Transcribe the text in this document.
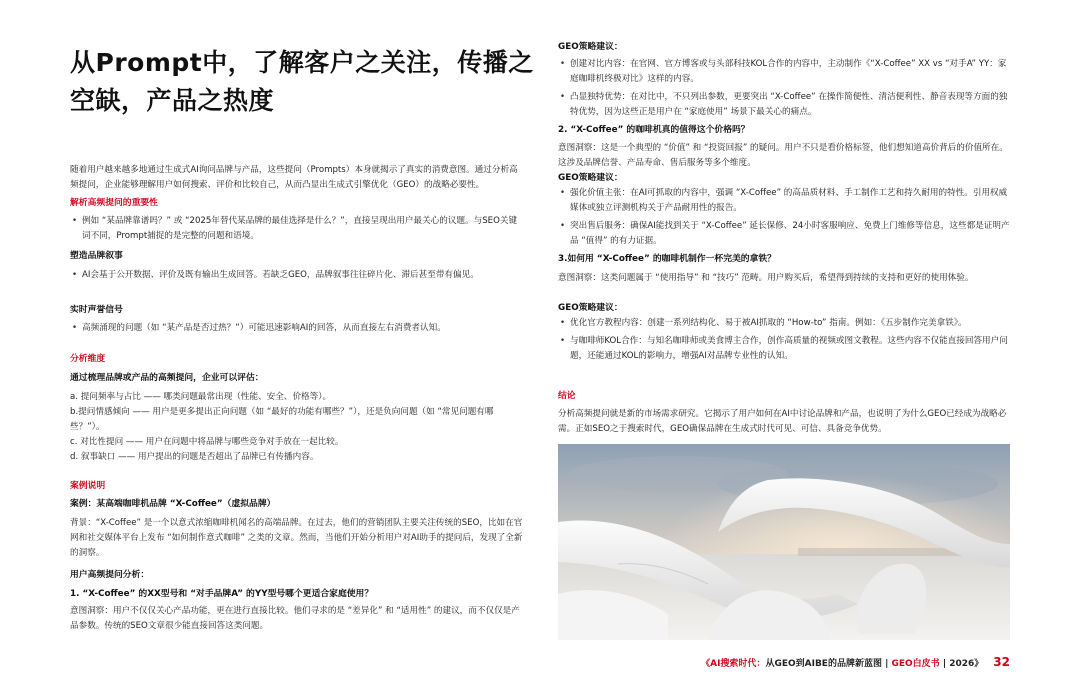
从Prompt中，了解客户之关注，传播之空缺，产品之热度

随着用户越来越多地通过生成式AI询问品牌与产品，这些提问（Prompts）本身就揭示了真实的消费意图。通过分析高频提问，企业能够理解用户如何搜索、评价和比较自己，从而凸显出生成式引擎优化（GEO）的战略必要性。

解析高频提问的重要性
• 例如 “某品牌靠谱吗？” 或 “2025年替代某品牌的最佳选择是什么？”，直接呈现出用户最关心的议题。与SEO关键词不同，Prompt捕捉的是完整的问题和语境。
塑造品牌叙事
• AI会基于公开数据、评价及既有输出生成回答。若缺乏GEO，品牌叙事往往碎片化、滞后甚至带有偏见。
实时声誉信号
• 高频涌现的问题（如 “某产品是否过热？”）可能迅速影响AI的回答，从而直接左右消费者认知。
分析维度
通过梳理品牌或产品的高频提问，企业可以评估：
a. 提问频率与占比 —— 哪类问题最常出现（性能、安全、价格等）。
b.提问情感倾向 —— 用户是更多提出正向问题（如 “最好的功能有哪些？”），还是负向问题（如 “常见问题有哪些？”）。
c. 对比性提问 —— 用户在问题中将品牌与哪些竞争对手放在一起比较。
d. 叙事缺口 —— 用户提出的问题是否超出了品牌已有传播内容。
案例说明
案例：某高端咖啡机品牌 “X-Coffee”（虚拟品牌）

背景：“X-Coffee” 是一个以意式浓缩咖啡机闻名的高端品牌。在过去，他们的营销团队主要关注传统的SEO，比如在官网和社交媒体平台上发布 “如何制作意式咖啡” 之类的文章。然而，当他们开始分析用户对AI助手的提问后，发现了全新的洞察。

用户高频提问分析：
1. “X-Coffee” 的XX型号和 “对手品牌A” 的YY型号哪个更适合家庭使用？

意图洞察：用户不仅仅关心产品功能，更在进行直接比较。他们寻求的是 “差异化” 和 “适用性” 的建议，而不仅仅是产品参数。传统的SEO文章很少能直接回答这类问题。

GEO策略建议：
• 创建对比内容：在官网、官方博客或与头部科技KOL合作的内容中，主动制作《“X-Coffee” XX vs “对手A” YY：家庭咖啡机终极对比》这样的内容。
• 凸显独特优势：在对比中，不只列出参数，更要突出 “X-Coffee” 在操作简便性、清洁便利性、静音表现等方面的独特优势，因为这些正是用户在 “家庭使用” 场景下最关心的痛点。
2. “X-Coffee” 的咖啡机真的值得这个价格吗？

意图洞察：这是一个典型的 “价值” 和 “投资回报” 的疑问。用户不只是看价格标签，他们想知道高价背后的价值所在。这涉及品牌信誉、产品寿命、售后服务等多个维度。

GEO策略建议：
• 强化价值主张：在AI可抓取的内容中，强调 “X-Coffee” 的高品质材料、手工制作工艺和持久耐用的特性。引用权威媒体或独立评测机构关于产品耐用性的报告。
• 突出售后服务：确保AI能找到关于 “X-Coffee” 延长保修、24小时客服响应、免费上门维修等信息，这些都是证明产品 “值得” 的有力证据。
3.如何用 “X-Coffee” 的咖啡机制作一杯完美的拿铁？

意图洞察：这类问题属于 “使用指导” 和 “技巧” 范畴。用户购买后，希望得到持续的支持和更好的使用体验。

GEO策略建议：
• 优化官方教程内容：创建一系列结构化、易于被AI抓取的 “How-to” 指南。例如：《五步制作完美拿铁》。
• 与咖啡师KOL合作：与知名咖啡师或美食博主合作，创作高质量的视频或图文教程。这些内容不仅能直接回答用户问题，还能通过KOL的影响力，增强AI对品牌专业性的认知。
结论

分析高频提问就是新的市场需求研究。它揭示了用户如何在AI中讨论品牌和产品，也说明了为什么GEO已经成为战略必需。正如SEO之于搜索时代，GEO确保品牌在生成式时代可见、可信、具备竞争优势。

《AI搜索时代：从GEO到AIBE的品牌新蓝图 | GEO白皮书 | 2026》 32
